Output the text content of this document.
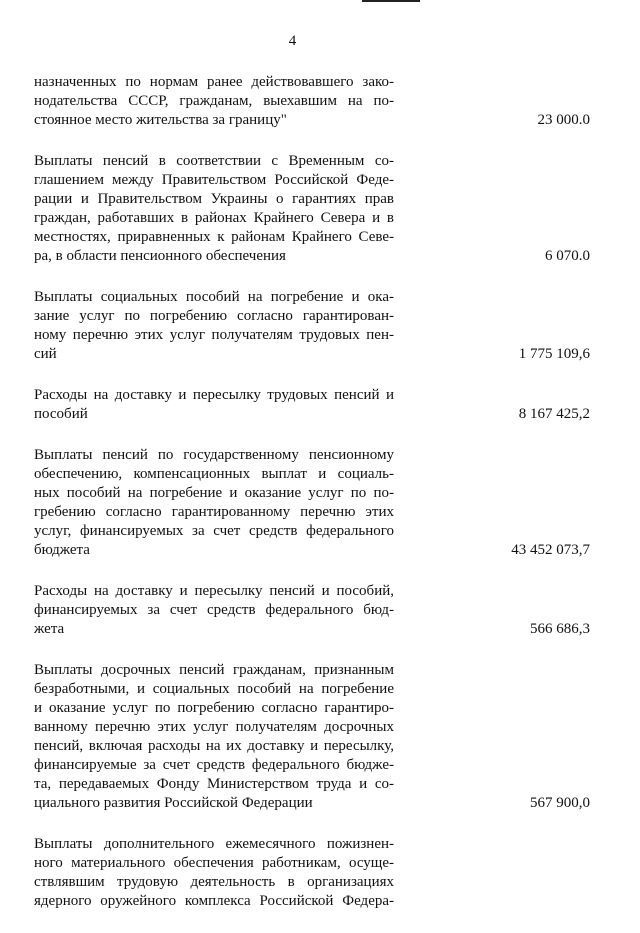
4
назначенных по нормам ранее действовавшего зако-
нодательства СССР, гражданам, выехавшим на по-
стоянное место жительства за границу"	23 000.0
Выплаты пенсий в соответствии с Временным со-
глашением между Правительством Российской Феде-
рации и Правительством Украины о гарантиях прав
граждан, работавших в районах Крайнего Севера и в
местностях, приравненных к районам Крайнего Севе-
ра, в области пенсионного обеспечения	6 070.0
Выплаты социальных пособий на погребение и ока-
зание услуг по погребению согласно гарантирован-
ному перечню этих услуг получателям трудовых пен-
сий	1 775 109,6
Расходы на доставку и пересылку трудовых пенсий и
пособий	8 167 425,2
Выплаты пенсий по государственному пенсионному
обеспечению, компенсационных выплат и социаль-
ных пособий на погребение и оказание услуг по по-
гребению согласно гарантированному перечню этих
услуг, финансируемых за счет средств федерального
бюджета	43 452 073,7
Расходы на доставку и пересылку пенсий и пособий,
финансируемых за счет средств федерального бюд-
жета	566 686,3
Выплаты досрочных пенсий гражданам, признанным
безработными, и социальных пособий на погребение
и оказание услуг по погребению согласно гарантиро-
ванному перечню этих услуг получателям досрочных
пенсий, включая расходы на их доставку и пересылку,
финансируемые за счет средств федерального бюдже-
та, передаваемых Фонду Министерством труда и со-
циального развития Российской Федерации	567 900,0
Выплаты дополнительного ежемесячного пожизнен-
ного материального обеспечения работникам, осуще-
ствлявшим трудовую деятельность в организациях
ядерного оружейного комплекса Российской Федера-
